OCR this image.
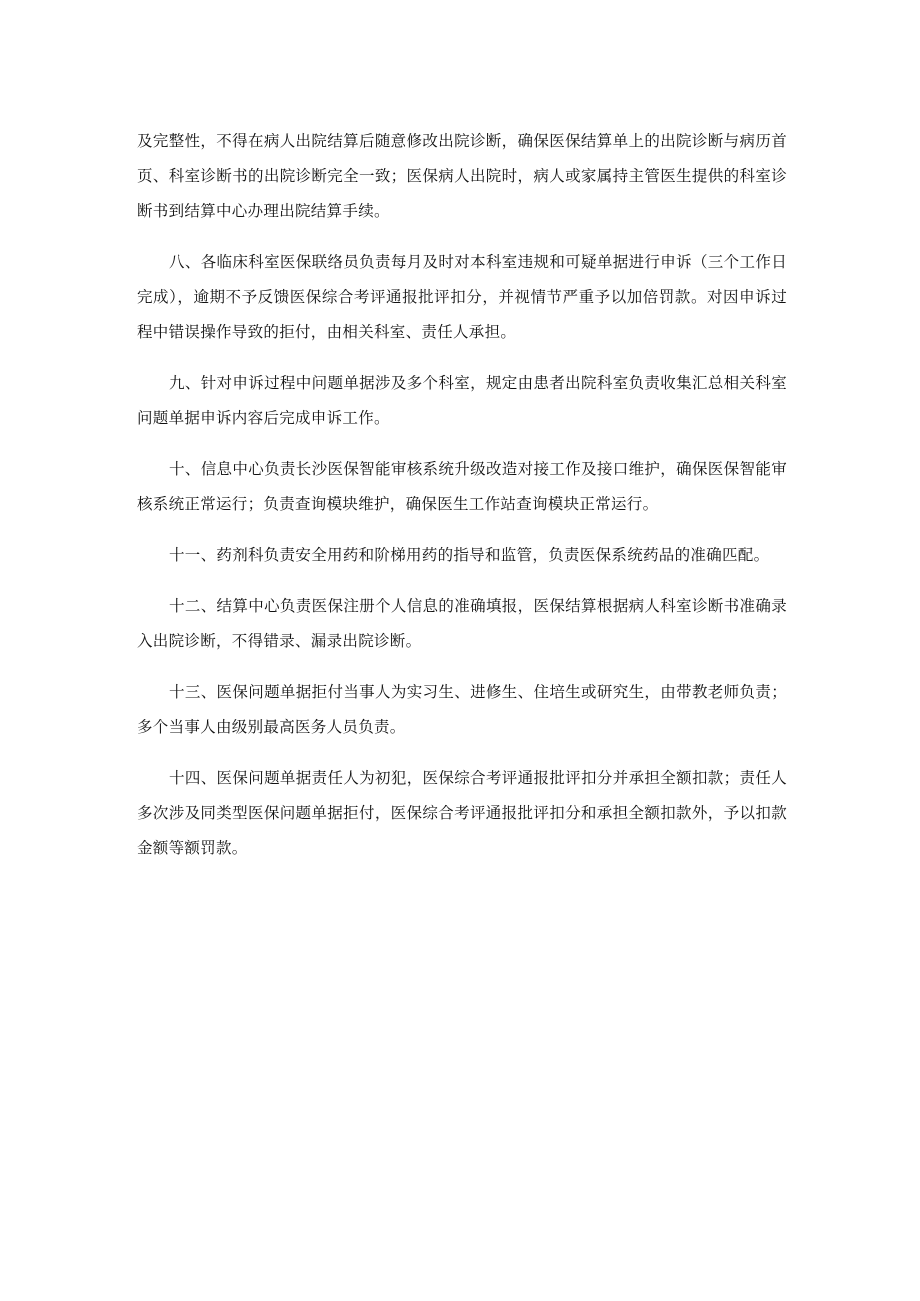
及完整性，不得在病人出院结算后随意修改出院诊断，确保医保结算单上的出院诊断与病历首页、科室诊断书的出院诊断完全一致；医保病人出院时，病人或家属持主管医生提供的科室诊断书到结算中心办理出院结算手续。

八、各临床科室医保联络员负责每月及时对本科室违规和可疑单据进行申诉（三个工作日完成），逾期不予反馈医保综合考评通报批评扣分，并视情节严重予以加倍罚款。对因申诉过程中错误操作导致的拒付，由相关科室、责任人承担。

九、针对申诉过程中问题单据涉及多个科室，规定由患者出院科室负责收集汇总相关科室问题单据申诉内容后完成申诉工作。

十、信息中心负责长沙医保智能审核系统升级改造对接工作及接口维护，确保医保智能审核系统正常运行；负责查询模块维护，确保医生工作站查询模块正常运行。

十一、药剂科负责安全用药和阶梯用药的指导和监管，负责医保系统药品的准确匹配。

十二、结算中心负责医保注册个人信息的准确填报，医保结算根据病人科室诊断书准确录入出院诊断，不得错录、漏录出院诊断。

十三、医保问题单据拒付当事人为实习生、进修生、住培生或研究生，由带教老师负责；多个当事人由级别最高医务人员负责。

十四、医保问题单据责任人为初犯，医保综合考评通报批评扣分并承担全额扣款；责任人多次涉及同类型医保问题单据拒付，医保综合考评通报批评扣分和承担全额扣款外，予以扣款金额等额罚款。
